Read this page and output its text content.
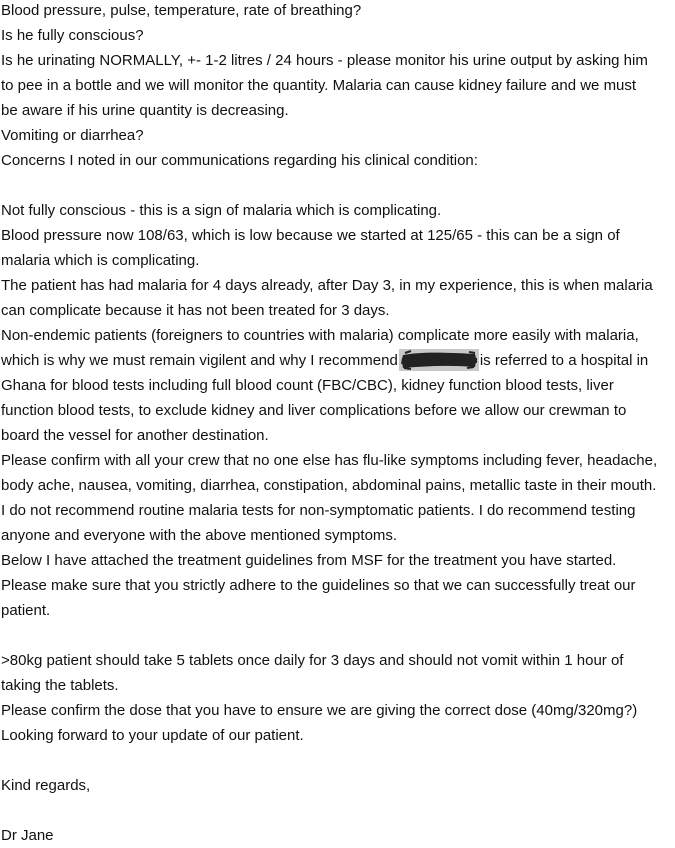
Blood pressure, pulse, temperature, rate of breathing?
Is he fully conscious?
Is he urinating NORMALLY, +- 1-2 litres / 24 hours - please monitor his urine output by asking him
to pee in a bottle and we will monitor the quantity. Malaria can cause kidney failure and we must
be aware if his urine quantity is decreasing.
Vomiting or diarrhea?
Concerns I noted in our communications regarding his clinical condition:
Not fully conscious - this is a sign of malaria which is complicating.
Blood pressure now 108/63, which is low because we started at 125/65 - this can be a sign of
malaria which is complicating.
The patient has had malaria for 4 days already, after Day 3, in my experience, this is when malaria
can complicate because it has not been treated for 3 days.
Non-endemic patients (foreigners to countries with malaria) complicate more easily with malaria,
which is why we must remain vigilent and why I recommend	is referred to a hospital in
Ghana for blood tests including full blood count (FBC/CBC), kidney function blood tests, liver
function blood tests, to exclude kidney and liver complications before we allow our crewman to
board the vessel for another destination.
Please confirm with all your crew that no one else has flu-like symptoms including fever, headache,
body ache, nausea, vomiting, diarrhea, constipation, abdominal pains, metallic taste in their mouth.
I do not recommend routine malaria tests for non-symptomatic patients. I do recommend testing
anyone and everyone with the above mentioned symptoms.
Below I have attached the treatment guidelines from MSF for the treatment you have started.
Please make sure that you strictly adhere to the guidelines so that we can successfully treat our
patient.
>80kg patient should take 5 tablets once daily for 3 days and should not vomit within 1 hour of
taking the tablets.
Please confirm the dose that you have to ensure we are giving the correct dose (40mg/320mg?)
Looking forward to your update of our patient.
Kind regards,
Dr Jane
